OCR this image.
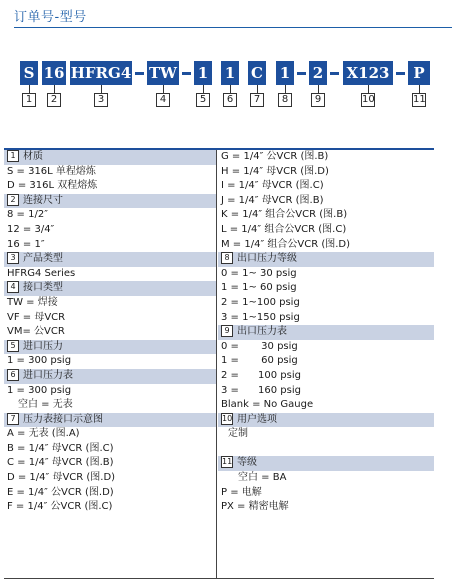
订单号-型号
S 16 HFRG4 TW 1 1 C 1 2 X123	P
1	2	3	4	5	6	7	8	9	10	11
1 材质
S = 316L 单程熔炼
D = 316L 双程熔炼
2 连接尺寸
8 = 1/2″
12 = 3/4″
16 = 1″
3 产品类型
HFRG4 Series
4 接口类型
TW = 焊接
VF = 母VCR
VM= 公VCR
5 进口压力
1 = 300 psig
6 进口压力表
1 = 300 psig
空白 = 无表
7 压力表接口示意图
A = 无表 (图.A)
B = 1/4″ 母VCR (图.C)
C = 1/4″ 母VCR (图.B)
D = 1/4″ 母VCR (图.D)
E = 1/4″ 公VCR (图.D)
F = 1/4″ 公VCR (图.C)
G = 1/4″ 公VCR (图.B)
H = 1/4″ 母VCR (图.D)
I = 1/4″ 母VCR (图.C)
J = 1/4″ 母VCR (图.B)
K = 1/4″ 组合公VCR (图.B)
L = 1/4″ 组合公VCR (图.C)
M = 1/4″ 组合公VCR (图.D)
8 出口压力等级
0 = 1~ 30 psig
1 = 1~ 60 psig
2 = 1~100 psig
3 = 1~150 psig
9 出口压力表
0 =       30 psig
1 =       60 psig
2 =      100 psig
3 =      160 psig
Blank = No Gauge
10 用户选项
定制
11 等级
空白 = BA
P = 电解
PX = 精密电解
